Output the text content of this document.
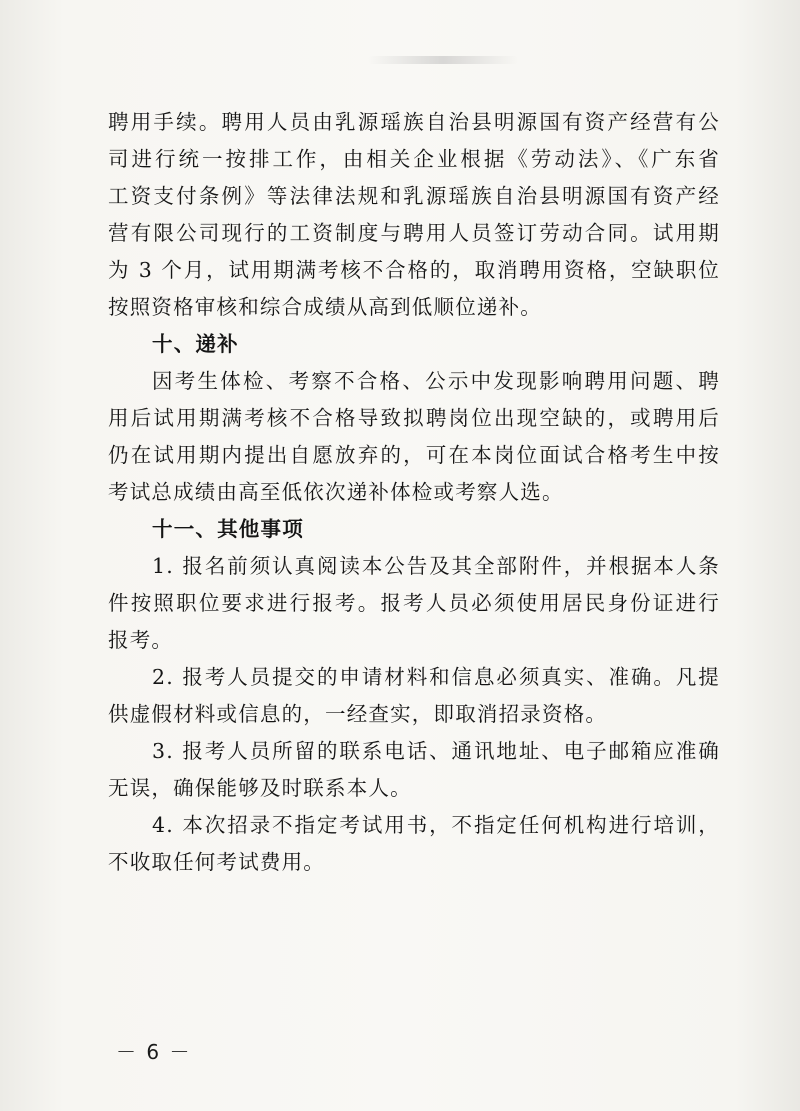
聘用手续。聘用人员由乳源瑶族自治县明源国有资产经营有公
司进行统一按排工作，由相关企业根据《劳动法》、《广东省
工资支付条例》等法律法规和乳源瑶族自治县明源国有资产经
营有限公司现行的工资制度与聘用人员签订劳动合同。试用期
为 3 个月，试用期满考核不合格的，取消聘用资格，空缺职位
按照资格审核和综合成绩从高到低顺位递补。
十、递补
因考生体检、考察不合格、公示中发现影响聘用问题、聘
用后试用期满考核不合格导致拟聘岗位出现空缺的，或聘用后
仍在试用期内提出自愿放弃的，可在本岗位面试合格考生中按
考试总成绩由高至低依次递补体检或考察人选。
十一、其他事项
1. 报名前须认真阅读本公告及其全部附件，并根据本人条
件按照职位要求进行报考。报考人员必须使用居民身份证进行
报考。
2. 报考人员提交的申请材料和信息必须真实、准确。凡提
供虚假材料或信息的，一经查实，即取消招录资格。
3. 报考人员所留的联系电话、通讯地址、电子邮箱应准确
无误，确保能够及时联系本人。
4. 本次招录不指定考试用书，不指定任何机构进行培训，
不收取任何考试费用。
－ 6 －
